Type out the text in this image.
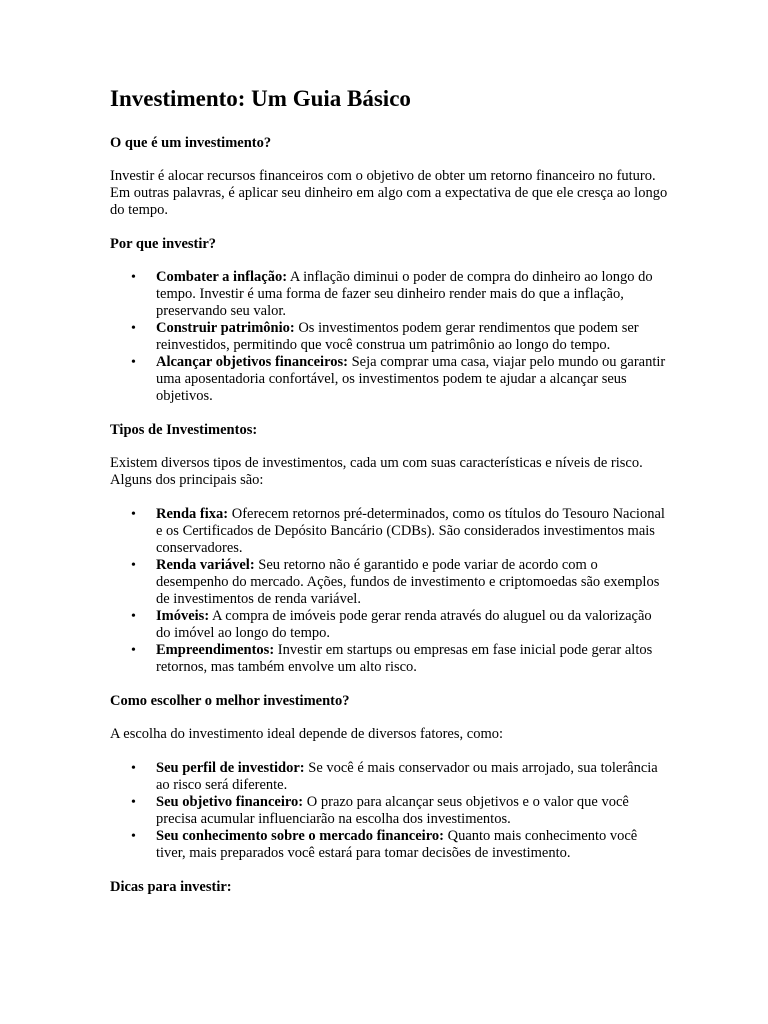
Investimento: Um Guia Básico
O que é um investimento?

Investir é alocar recursos financeiros com o objetivo de obter um retorno financeiro no futuro. Em outras palavras, é aplicar seu dinheiro em algo com a expectativa de que ele cresça ao longo do tempo.

Por que investir?
• Combater a inflação: A inflação diminui o poder de compra do dinheiro ao longo do tempo. Investir é uma forma de fazer seu dinheiro render mais do que a inflação, preservando seu valor.
• Construir patrimônio: Os investimentos podem gerar rendimentos que podem ser reinvestidos, permitindo que você construa um patrimônio ao longo do tempo.
• Alcançar objetivos financeiros: Seja comprar uma casa, viajar pelo mundo ou garantir uma aposentadoria confortável, os investimentos podem te ajudar a alcançar seus objetivos.
Tipos de Investimentos:

Existem diversos tipos de investimentos, cada um com suas características e níveis de risco. Alguns dos principais são:

• Renda fixa: Oferecem retornos pré-determinados, como os títulos do Tesouro Nacional e os Certificados de Depósito Bancário (CDBs). São considerados investimentos mais conservadores.
• Renda variável: Seu retorno não é garantido e pode variar de acordo com o desempenho do mercado. Ações, fundos de investimento e criptomoedas são exemplos de investimentos de renda variável.
• Imóveis: A compra de imóveis pode gerar renda através do aluguel ou da valorização do imóvel ao longo do tempo.
• Empreendimentos: Investir em startups ou empresas em fase inicial pode gerar altos retornos, mas também envolve um alto risco.
Como escolher o melhor investimento?

A escolha do investimento ideal depende de diversos fatores, como:

• Seu perfil de investidor: Se você é mais conservador ou mais arrojado, sua tolerância ao risco será diferente.
• Seu objetivo financeiro: O prazo para alcançar seus objetivos e o valor que você precisa acumular influenciarão na escolha dos investimentos.
• Seu conhecimento sobre o mercado financeiro: Quanto mais conhecimento você tiver, mais preparados você estará para tomar decisões de investimento.
Dicas para investir:
